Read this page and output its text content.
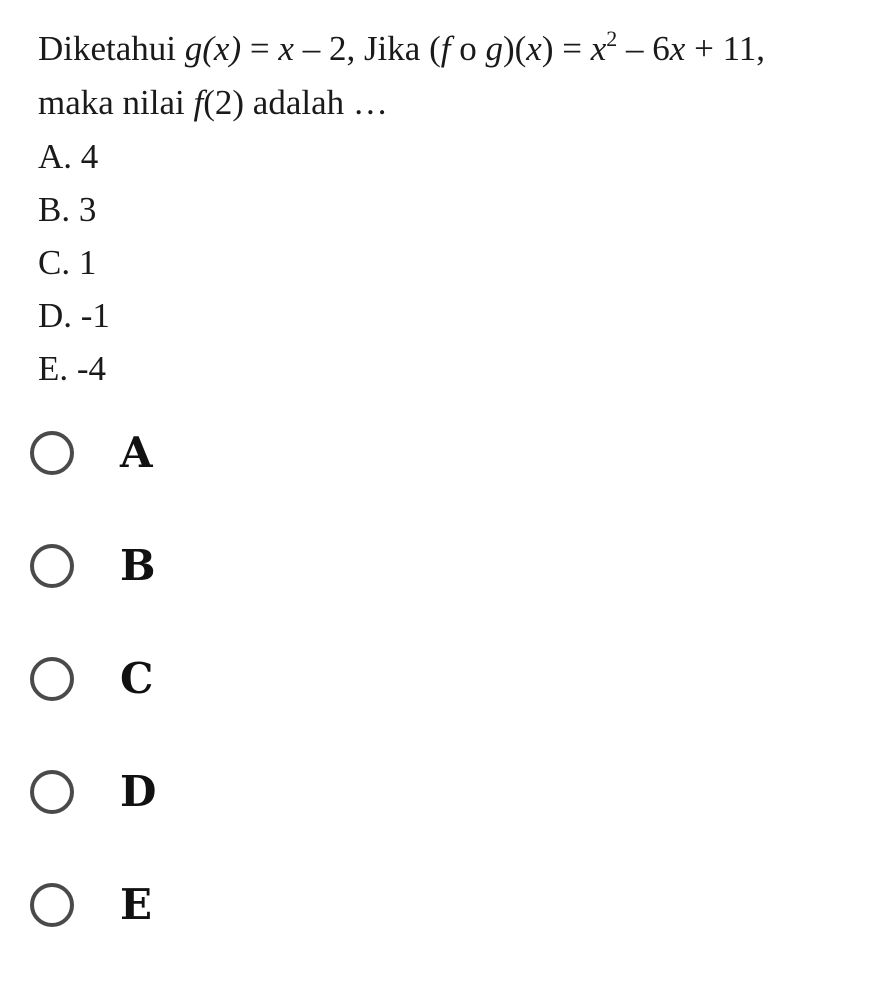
Diketahui g(x) = x – 2, Jika (f o $g)(x) = x^2 - 6x + 11$,
maka nilai f(2) adalah …
A. 4
B. 3
C. 1
D. -1
E. -4
A
B
C
D
E
